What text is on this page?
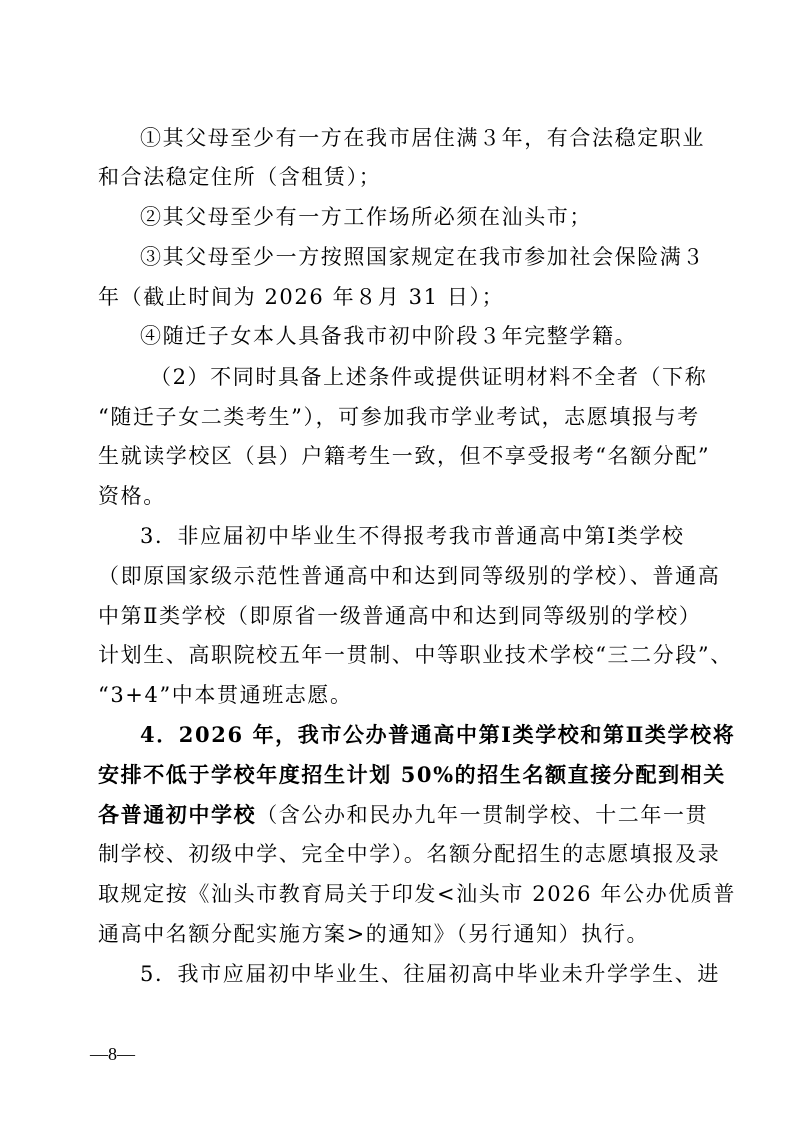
①其父母至少有一方在我市居住满３年，有合法稳定职业
和合法稳定住所（含租赁）；
②其父母至少有一方工作场所必须在汕头市；
③其父母至少一方按照国家规定在我市参加社会保险满３
年（截止时间为 2026 年８月 31 日）；
④随迁子女本人具备我市初中阶段３年完整学籍。
（2）不同时具备上述条件或提供证明材料不全者（下称
“随迁子女二类考生”），可参加我市学业考试，志愿填报与考
生就读学校区（县）户籍考生一致，但不享受报考“名额分配”
资格。
3．非应届初中毕业生不得报考我市普通高中第Ⅰ类学校
（即原国家级示范性普通高中和达到同等级别的学校）、普通高
中第Ⅱ类学校（即原省一级普通高中和达到同等级别的学校）
计划生、高职院校五年一贯制、中等职业技术学校“三二分段”、
“3+4”中本贯通班志愿。
4．2026 年，我市公办普通高中第Ⅰ类学校和第Ⅱ类学校将
安排不低于学校年度招生计划 50%的招生名额直接分配到相关
各普通初中学校（含公办和民办九年一贯制学校、十二年一贯
制学校、初级中学、完全中学）。名额分配招生的志愿填报及录
取规定按《汕头市教育局关于印发<汕头市 2026 年公办优质普
通高中名额分配实施方案>的通知》（另行通知）执行。
5．我市应届初中毕业生、往届初高中毕业未升学学生、进
—8—
